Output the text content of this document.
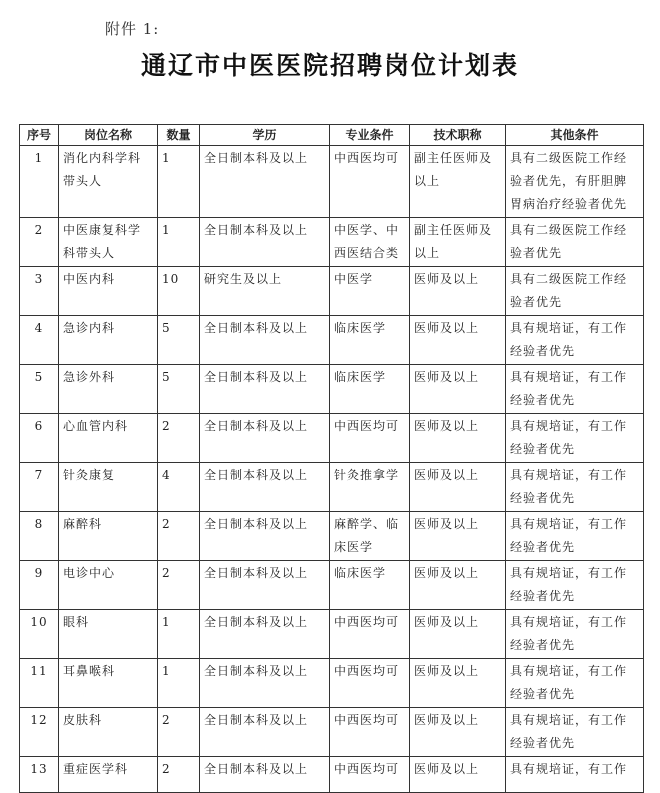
附件 1:
通辽市中医医院招聘岗位计划表
序号	岗位名称	数量	学历	专业条件	技术职称	其他条件
1	消化内科学科带头人	1	全日制本科及以上	中西医均可	副主任医师及以上	具有二级医院工作经验者优先，有肝胆脾胃病治疗经验者优先
2	中医康复科学科带头人	1	全日制本科及以上	中医学、中西医结合类	副主任医师及以上	具有二级医院工作经验者优先
3	中医内科	10	研究生及以上	中医学	医师及以上	具有二级医院工作经验者优先
4	急诊内科	5	全日制本科及以上	临床医学	医师及以上	具有规培证，有工作经验者优先
5	急诊外科	5	全日制本科及以上	临床医学	医师及以上	具有规培证，有工作经验者优先
6	心血管内科	2	全日制本科及以上	中西医均可	医师及以上	具有规培证，有工作经验者优先
7	针灸康复	4	全日制本科及以上	针灸推拿学	医师及以上	具有规培证，有工作经验者优先
8	麻醉科	2	全日制本科及以上	麻醉学、临床医学	医师及以上	具有规培证，有工作经验者优先
9	电诊中心	2	全日制本科及以上	临床医学	医师及以上	具有规培证，有工作经验者优先
10	眼科	1	全日制本科及以上	中西医均可	医师及以上	具有规培证，有工作经验者优先
11	耳鼻喉科	1	全日制本科及以上	中西医均可	医师及以上	具有规培证，有工作经验者优先
12	皮肤科	2	全日制本科及以上	中西医均可	医师及以上	具有规培证，有工作经验者优先
13	重症医学科	2	全日制本科及以上	中西医均可	医师及以上	具有规培证，有工作
